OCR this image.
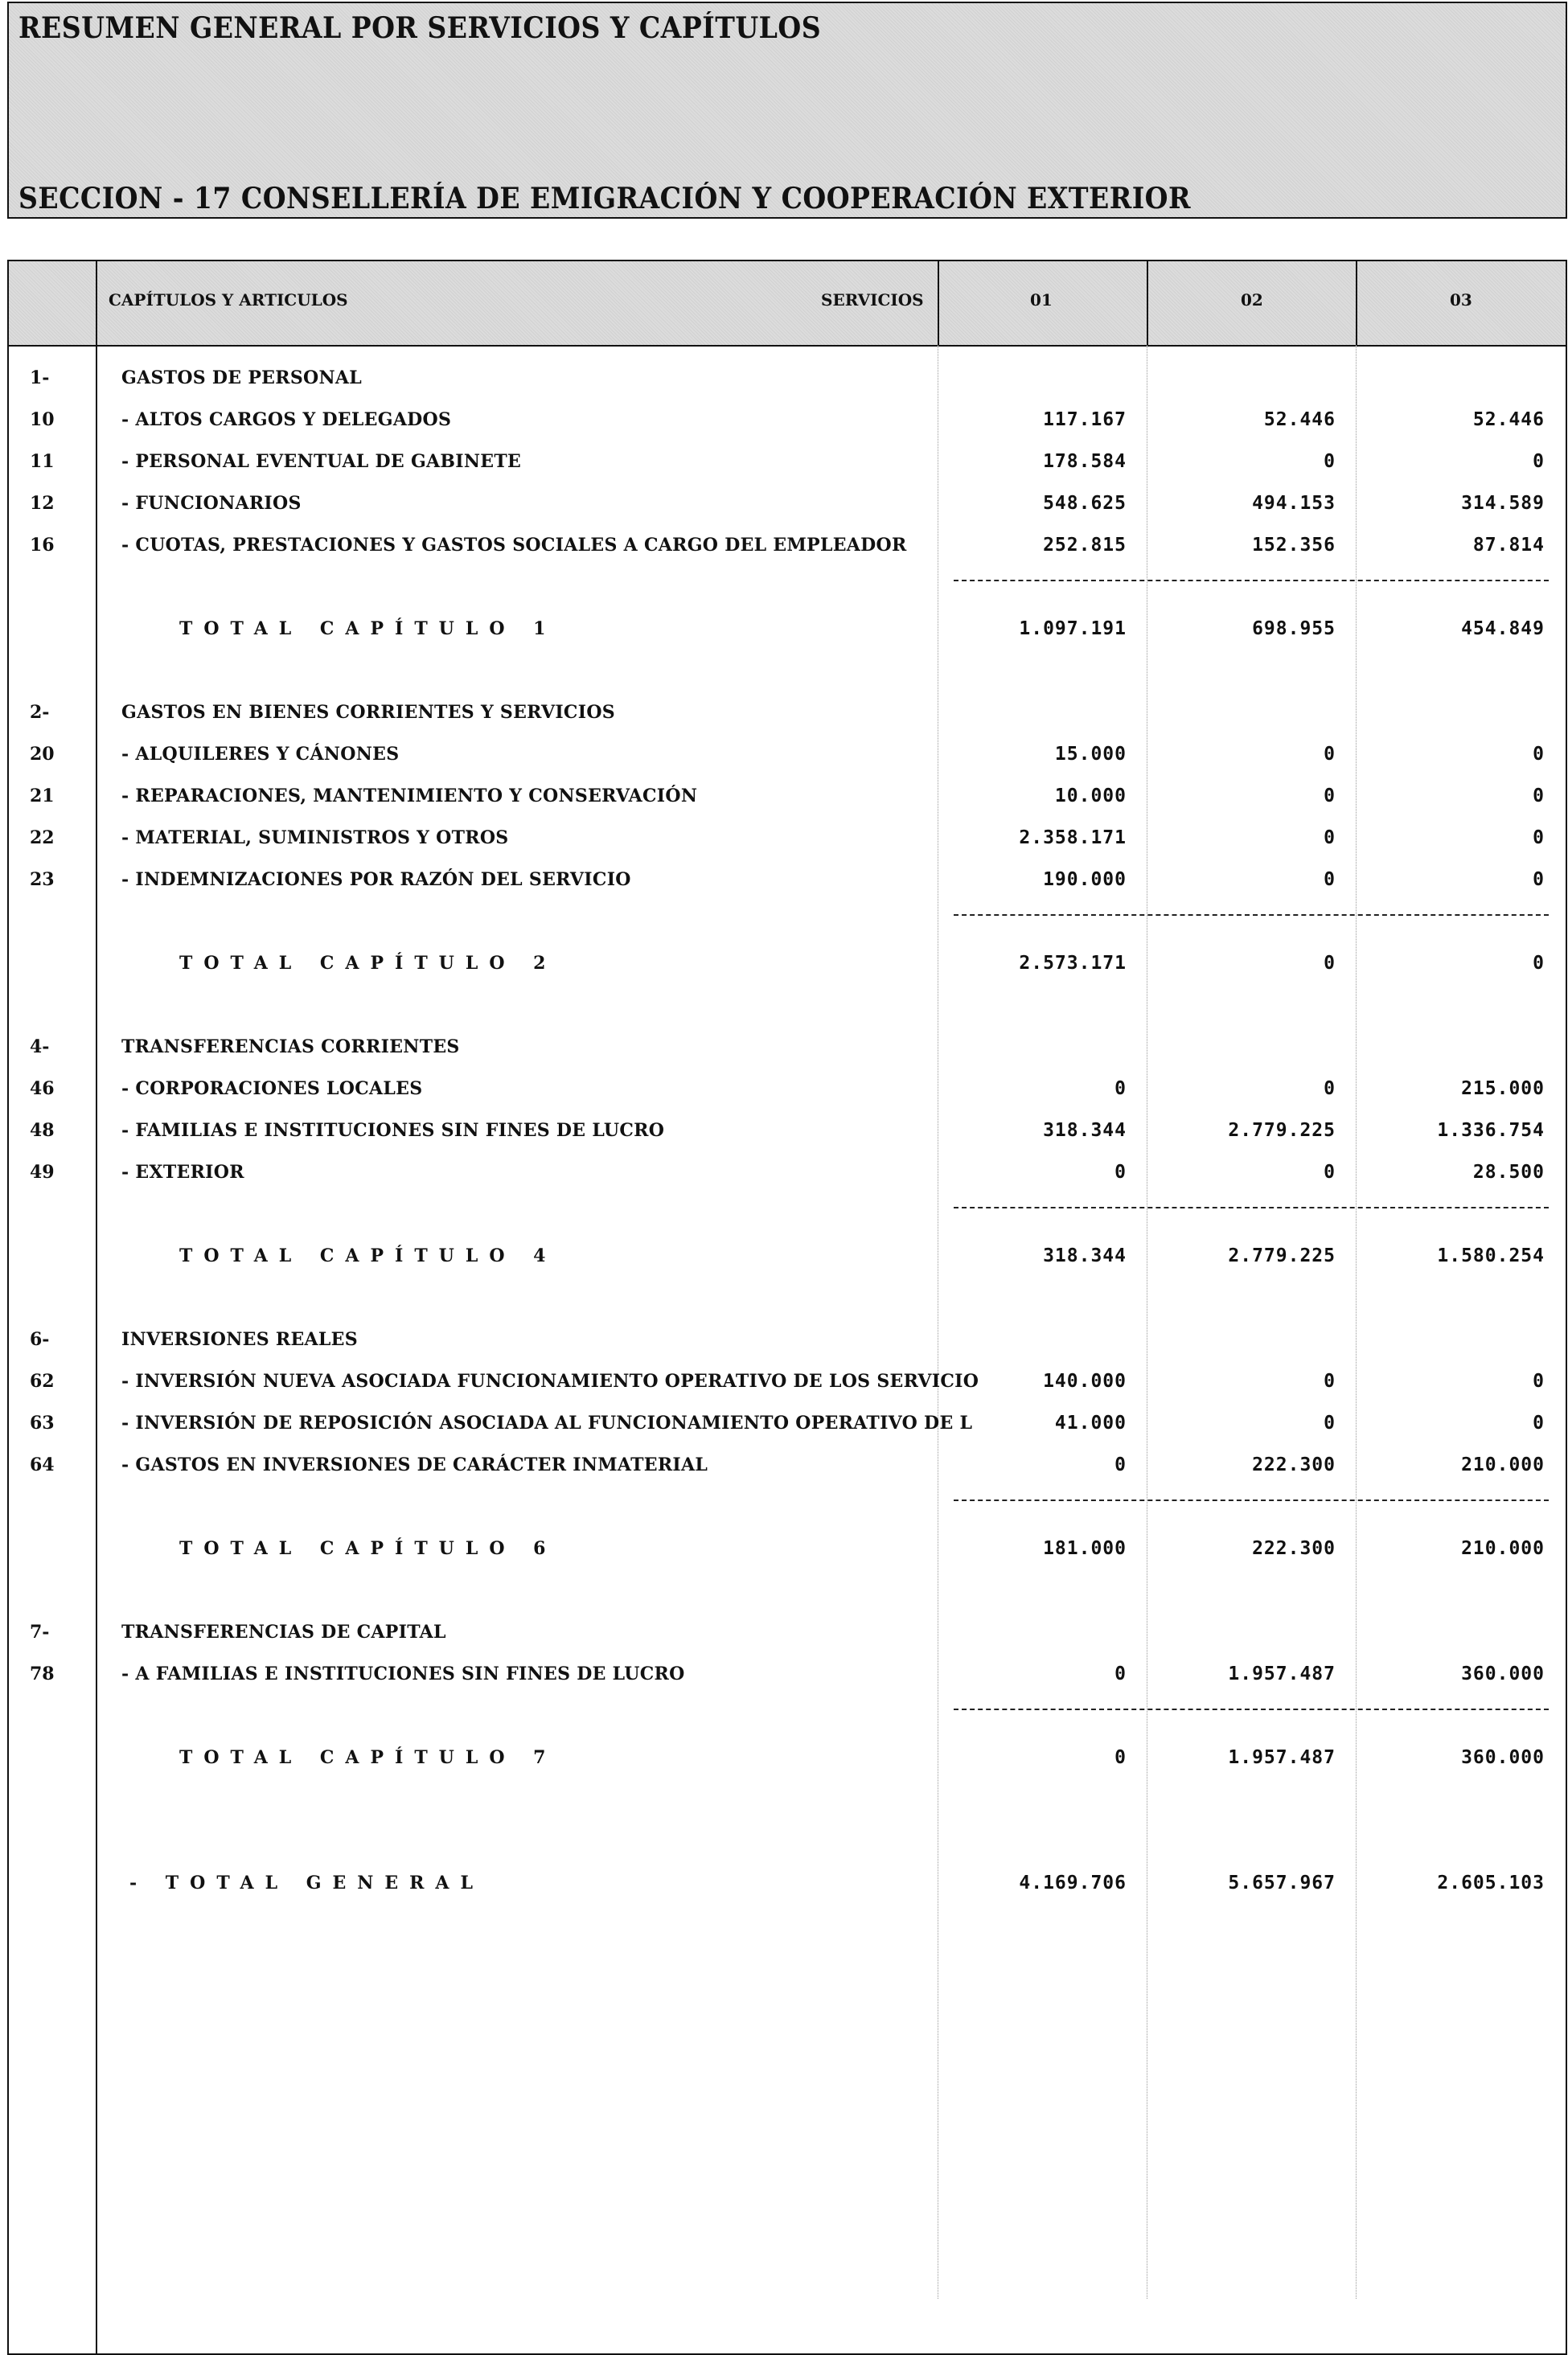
RESUMEN GENERAL POR SERVICIOS Y CAPÍTULOS
SECCION - 17 CONSELLERÍA DE EMIGRACIÓN Y COOPERACIÓN EXTERIOR
CAPÍTULOS Y ARTICULOS	SERVICIOS	01	02	03
1-	GASTOS DE PERSONAL
10	- ALTOS CARGOS Y DELEGADOS	117.167	52.446	52.446
11	- PERSONAL EVENTUAL DE GABINETE	178.584	0	0
12	- FUNCIONARIOS	548.625	494.153	314.589
16	- CUOTAS, PRESTACIONES Y GASTOS SOCIALES A CARGO DEL EMPLEADOR	252.815	152.356	87.814
TOTAL CAPÍTULO 1	1.097.191	698.955	454.849
2-	GASTOS EN BIENES CORRIENTES Y SERVICIOS
20	- ALQUILERES Y CÁNONES	15.000	0	0
21	- REPARACIONES, MANTENIMIENTO Y CONSERVACIÓN	10.000	0	0
22	- MATERIAL, SUMINISTROS Y OTROS	2.358.171	0	0
23	- INDEMNIZACIONES POR RAZÓN DEL SERVICIO	190.000	0	0
TOTAL CAPÍTULO 2	2.573.171	0	0
4-	TRANSFERENCIAS CORRIENTES
46	- CORPORACIONES LOCALES	0	0	215.000
48	- FAMILIAS E INSTITUCIONES SIN FINES DE LUCRO	318.344	2.779.225	1.336.754
49	- EXTERIOR	0	0	28.500
TOTAL CAPÍTULO 4	318.344	2.779.225	1.580.254
6-	INVERSIONES REALES
62	- INVERSIÓN NUEVA ASOCIADA FUNCIONAMIENTO OPERATIVO DE LOS SERVICIO	140.000	0	0
63	- INVERSIÓN DE REPOSICIÓN ASOCIADA AL FUNCIONAMIENTO OPERATIVO DE L	41.000	0	0
64	- GASTOS EN INVERSIONES DE CARÁCTER INMATERIAL	0	222.300	210.000
TOTAL CAPÍTULO 6	181.000	222.300	210.000
7-	TRANSFERENCIAS DE CAPITAL
78	- A FAMILIAS E INSTITUCIONES SIN FINES DE LUCRO	0	1.957.487	360.000
TOTAL CAPÍTULO 7	0	1.957.487	360.000
- TOTAL GENERAL	4.169.706	5.657.967	2.605.103
